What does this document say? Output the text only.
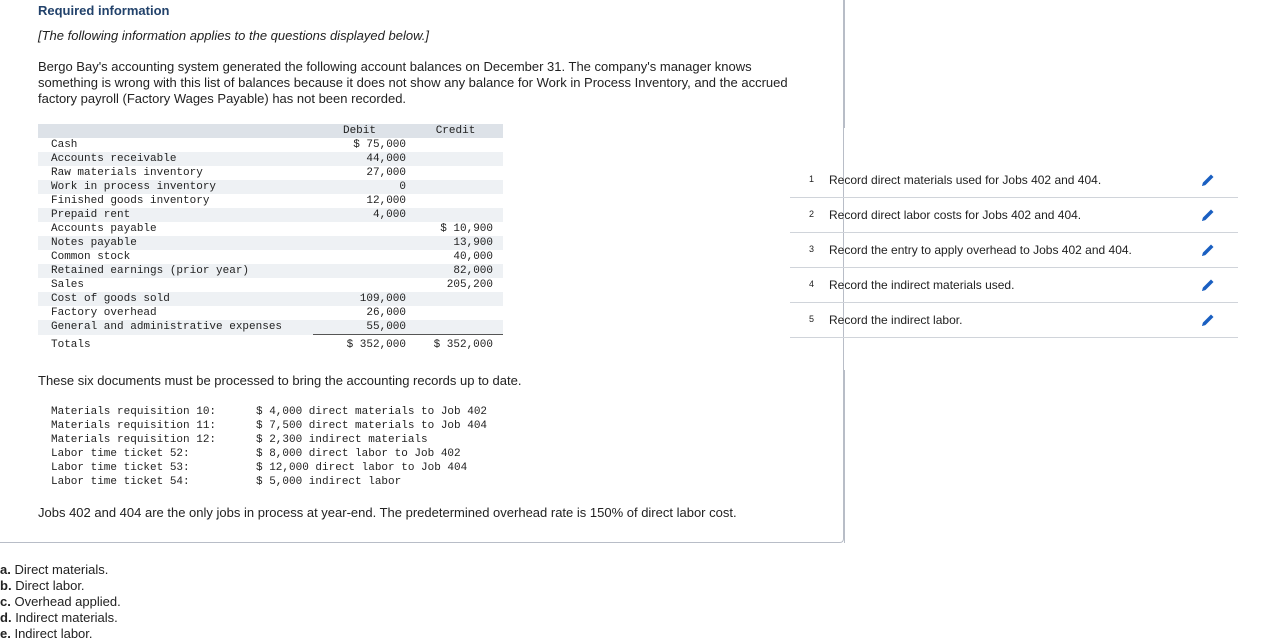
Required information
[The following information applies to the questions displayed below.]
Bergo Bay's accounting system generated the following account balances on December 31. The company's manager knows something is wrong with this list of balances because it does not show any balance for Work in Process Inventory, and the accrued factory payroll (Factory Wages Payable) has not been recorded.
	Debit	Credit
Cash	$ 75,000	
Accounts receivable	44,000	
Raw materials inventory	27,000	
Work in process inventory	0	
Finished goods inventory	12,000	
Prepaid rent	4,000	
Accounts payable		$ 10,900
Notes payable		13,900
Common stock		40,000
Retained earnings (prior year)		82,000
Sales		205,200
Cost of goods sold	109,000	
Factory overhead	26,000	
General and administrative expenses	55,000	
Totals	$ 352,000	$ 352,000
These six documents must be processed to bring the accounting records up to date.
Materials requisition 10:	$ 4,000 direct materials to Job 402
Materials requisition 11:	$ 7,500 direct materials to Job 404
Materials requisition 12:	$ 2,300 indirect materials
Labor time ticket 52:	$ 8,000 direct labor to Job 402
Labor time ticket 53:	$ 12,000 direct labor to Job 404
Labor time ticket 54:	$ 5,000 indirect labor
Jobs 402 and 404 are the only jobs in process at year-end. The predetermined overhead rate is 150% of direct labor cost.
1 Record direct materials used for Jobs 402 and 404.
2 Record direct labor costs for Jobs 402 and 404.
3 Record the entry to apply overhead to Jobs 402 and 404.
4 Record the indirect materials used.
5 Record the indirect labor.
a. Direct materials.
b. Direct labor.
c. Overhead applied.
d. Indirect materials.
e. Indirect labor.
